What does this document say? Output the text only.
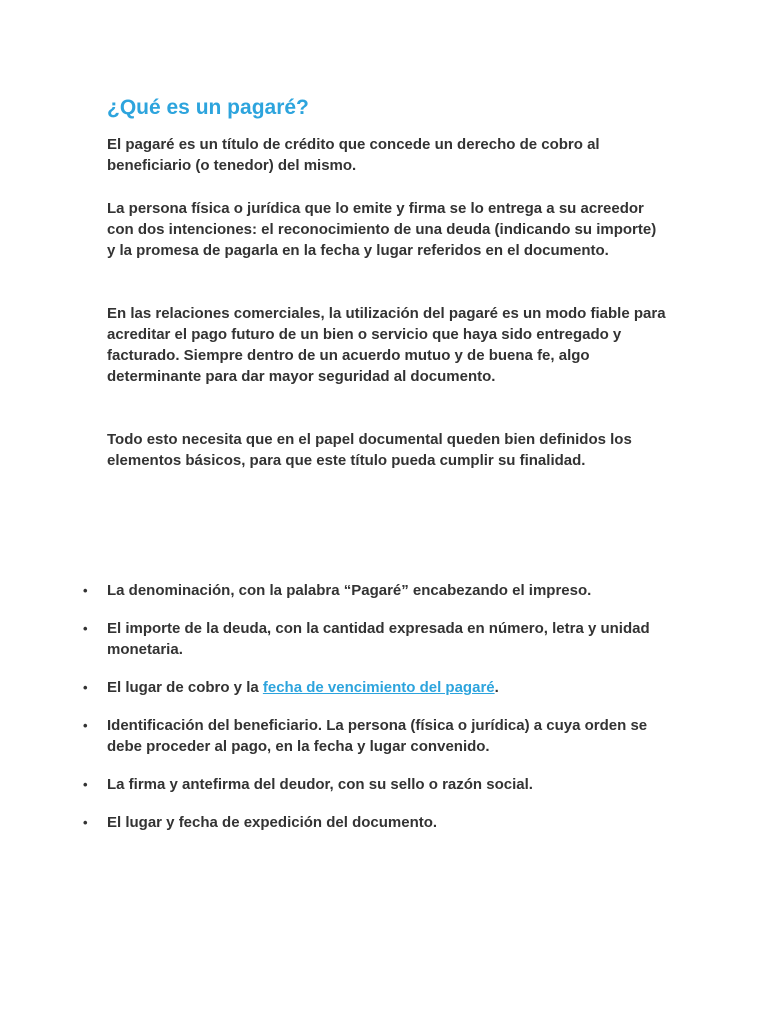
¿Qué es un pagaré?

El pagaré es un título de crédito que concede un derecho de cobro al beneficiario (o tenedor) del mismo.

La persona física o jurídica que lo emite y firma se lo entrega a su acreedor con dos intenciones: el reconocimiento de una deuda (indicando su importe) y la promesa de pagarla en la fecha y lugar referidos en el documento.

En las relaciones comerciales, la utilización del pagaré es un modo fiable para acreditar el pago futuro de un bien o servicio que haya sido entregado y facturado. Siempre dentro de un acuerdo mutuo y de buena fe, algo determinante para dar mayor seguridad al documento.

Todo esto necesita que en el papel documental queden bien definidos los elementos básicos, para que este título pueda cumplir su finalidad.

• La denominación, con la palabra “Pagaré” encabezando el impreso.
• El importe de la deuda, con la cantidad expresada en número, letra y unidad monetaria.
• El lugar de cobro y la fecha de vencimiento del pagaré.
• Identificación del beneficiario. La persona (física o jurídica) a cuya orden se debe proceder al pago, en la fecha y lugar convenido.
• La firma y antefirma del deudor, con su sello o razón social.
• El lugar y fecha de expedición del documento.
